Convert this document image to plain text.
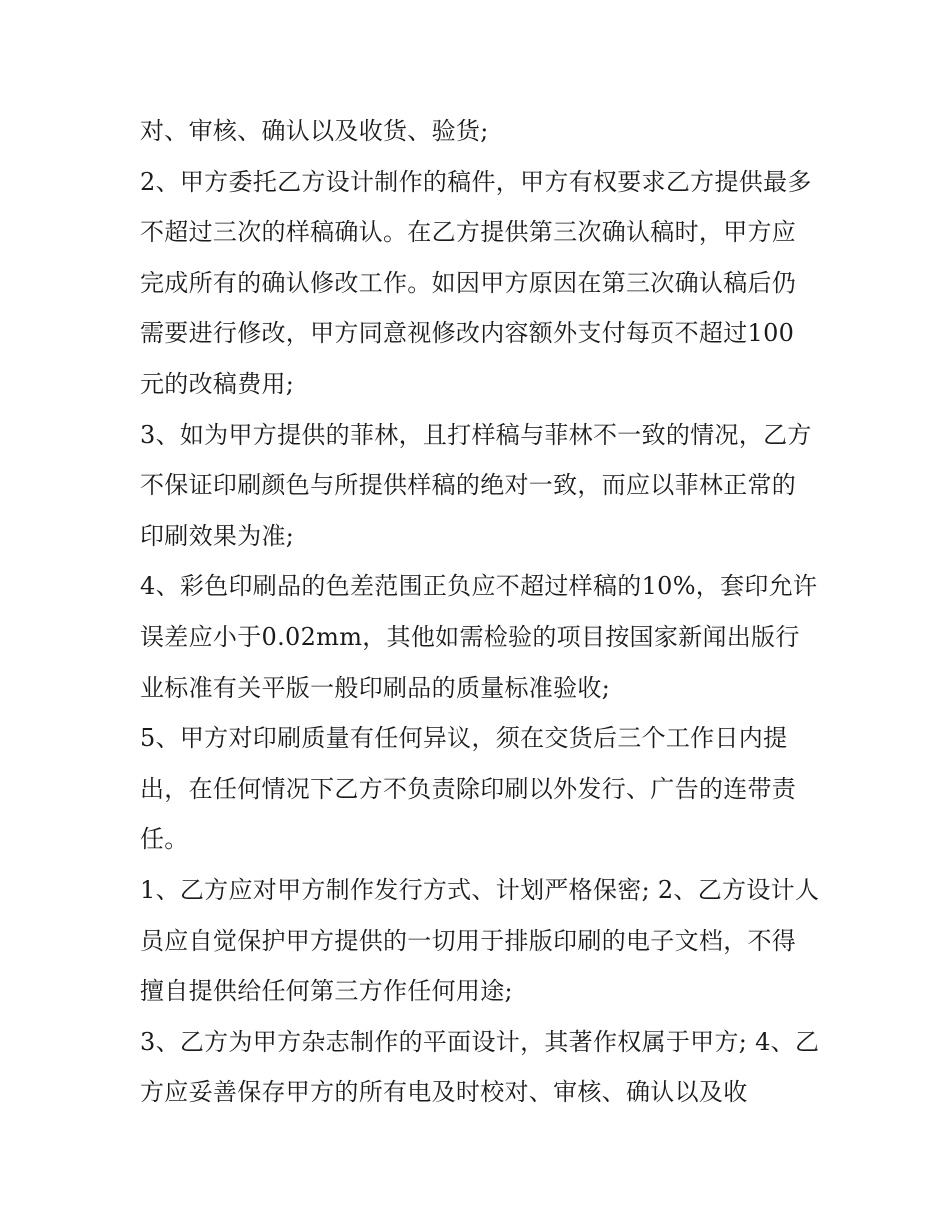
对、审核、确认以及收货、验货;

2、甲方委托乙方设计制作的稿件，甲方有权要求乙方提供最多不超过三次的样稿确认。在乙方提供第三次确认稿时，甲方应完成所有的确认修改工作。如因甲方原因在第三次确认稿后仍需要进行修改，甲方同意视修改内容额外支付每页不超过100 元的改稿费用;

3、如为甲方提供的菲林，且打样稿与菲林不一致的情况，乙方不保证印刷颜色与所提供样稿的绝对一致，而应以菲林正常的印刷效果为准;

4、彩色印刷品的色差范围正负应不超过样稿的10%，套印允许误差应小于0.02mm，其他如需检验的项目按国家新闻出版行业标准有关平版一般印刷品的质量标准验收;

5、甲方对印刷质量有任何异议，须在交货后三个工作日内提出，在任何情况下乙方不负责除印刷以外发行、广告的连带责任。

1、乙方应对甲方制作发行方式、计划严格保密; 2、乙方设计人员应自觉保护甲方提供的一切用于排版印刷的电子文档，不得擅自提供给任何第三方作任何用途;

3、乙方为甲方杂志制作的平面设计，其著作权属于甲方; 4、乙方应妥善保存甲方的所有电及时校对、审核、确认以及收
